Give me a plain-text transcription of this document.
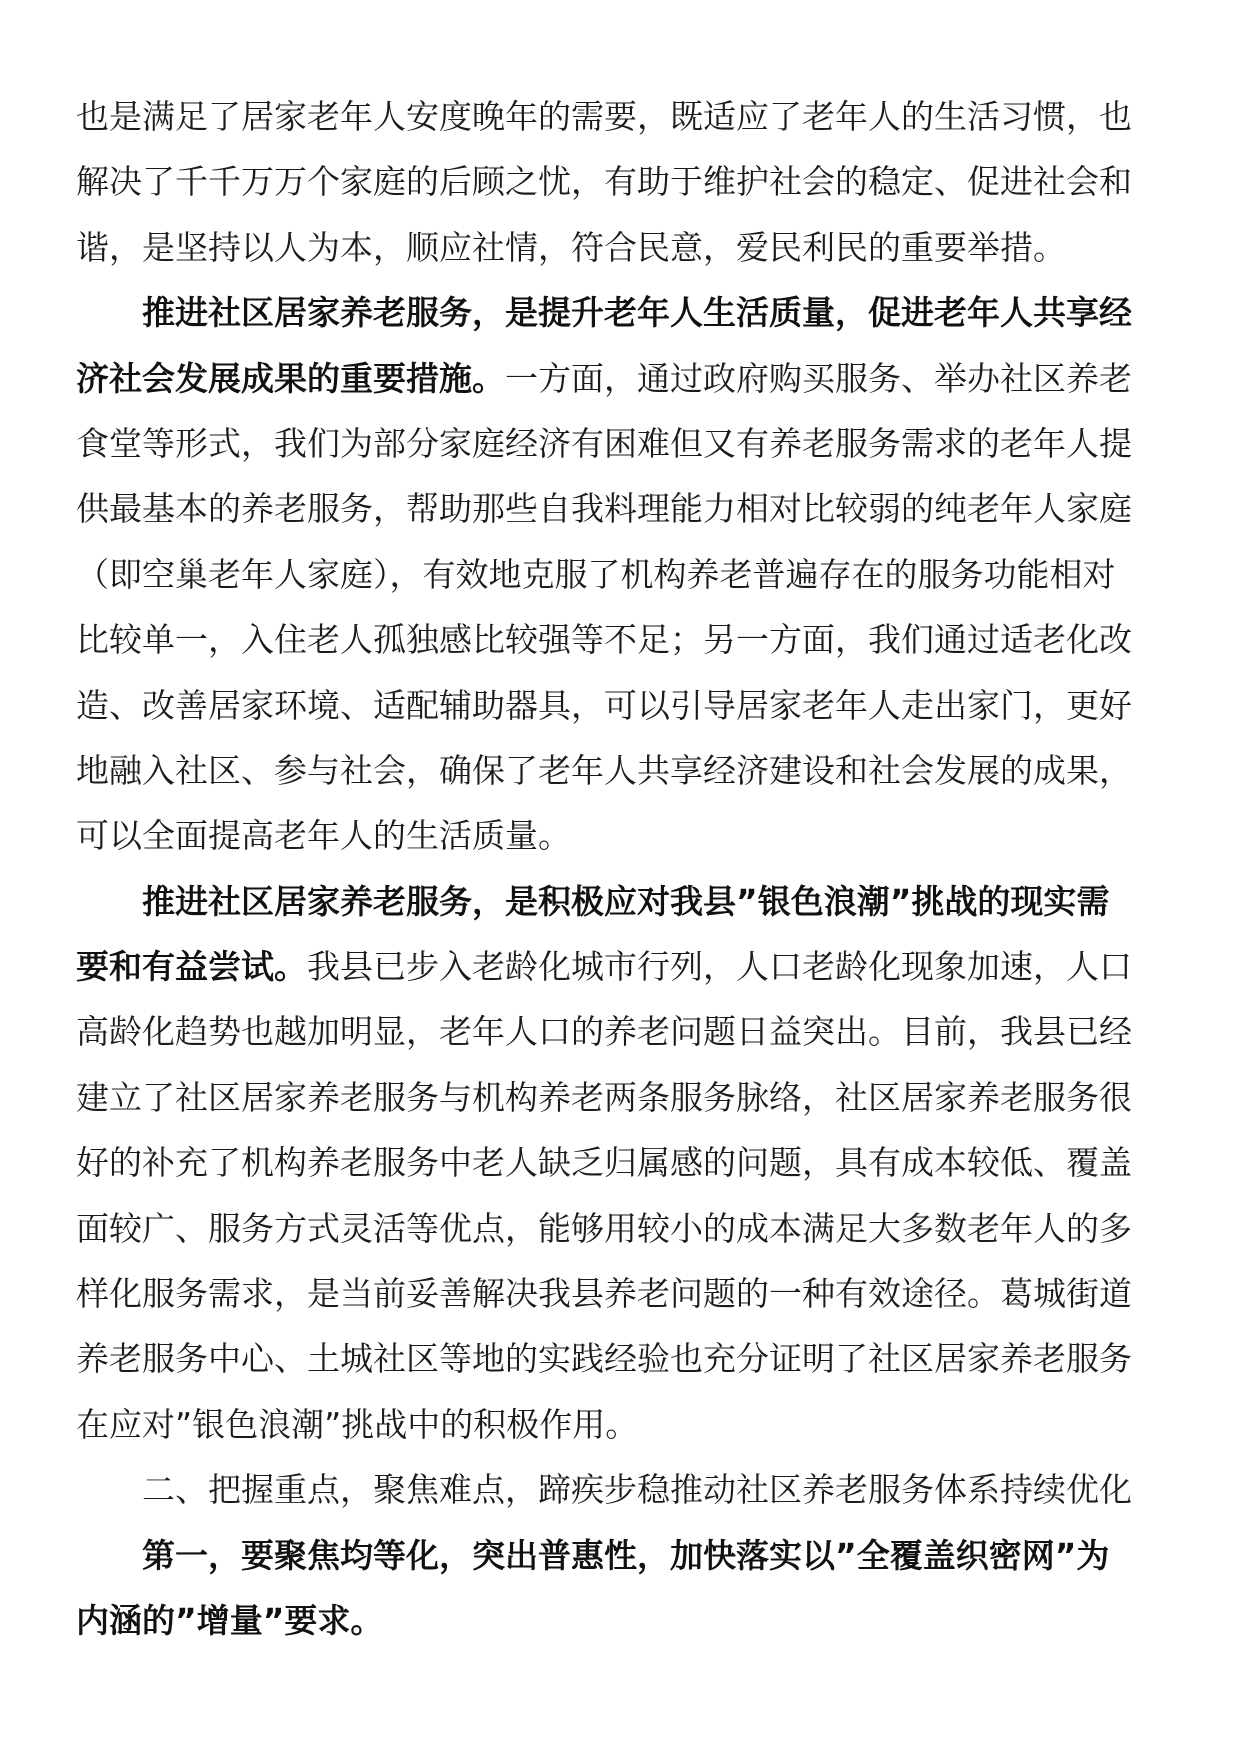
也是满足了居家老年人安度晚年的需要，既适应了老年人的生活习惯，也
解决了千千万万个家庭的后顾之忧，有助于维护社会的稳定、促进社会和
谐，是坚持以人为本，顺应社情，符合民意，爱民利民的重要举措。
推进社区居家养老服务，是提升老年人生活质量，促进老年人共享经
济社会发展成果的重要措施。一方面，通过政府购买服务、举办社区养老
食堂等形式，我们为部分家庭经济有困难但又有养老服务需求的老年人提
供最基本的养老服务，帮助那些自我料理能力相对比较弱的纯老年人家庭
（即空巢老年人家庭），有效地克服了机构养老普遍存在的服务功能相对
比较单一，入住老人孤独感比较强等不足；另一方面，我们通过适老化改
造、改善居家环境、适配辅助器具，可以引导居家老年人走出家门，更好
地融入社区、参与社会，确保了老年人共享经济建设和社会发展的成果，
可以全面提高老年人的生活质量。
推进社区居家养老服务，是积极应对我县”银色浪潮”挑战的现实需
要和有益尝试。我县已步入老龄化城市行列，人口老龄化现象加速，人口
高龄化趋势也越加明显，老年人口的养老问题日益突出。目前，我县已经
建立了社区居家养老服务与机构养老两条服务脉络，社区居家养老服务很
好的补充了机构养老服务中老人缺乏归属感的问题，具有成本较低、覆盖
面较广、服务方式灵活等优点，能够用较小的成本满足大多数老年人的多
样化服务需求，是当前妥善解决我县养老问题的一种有效途径。葛城街道
养老服务中心、土城社区等地的实践经验也充分证明了社区居家养老服务
在应对”银色浪潮”挑战中的积极作用。
二、把握重点，聚焦难点，蹄疾步稳推动社区养老服务体系持续优化
第一，要聚焦均等化，突出普惠性，加快落实以”全覆盖织密网”为
内涵的”增量”要求。
